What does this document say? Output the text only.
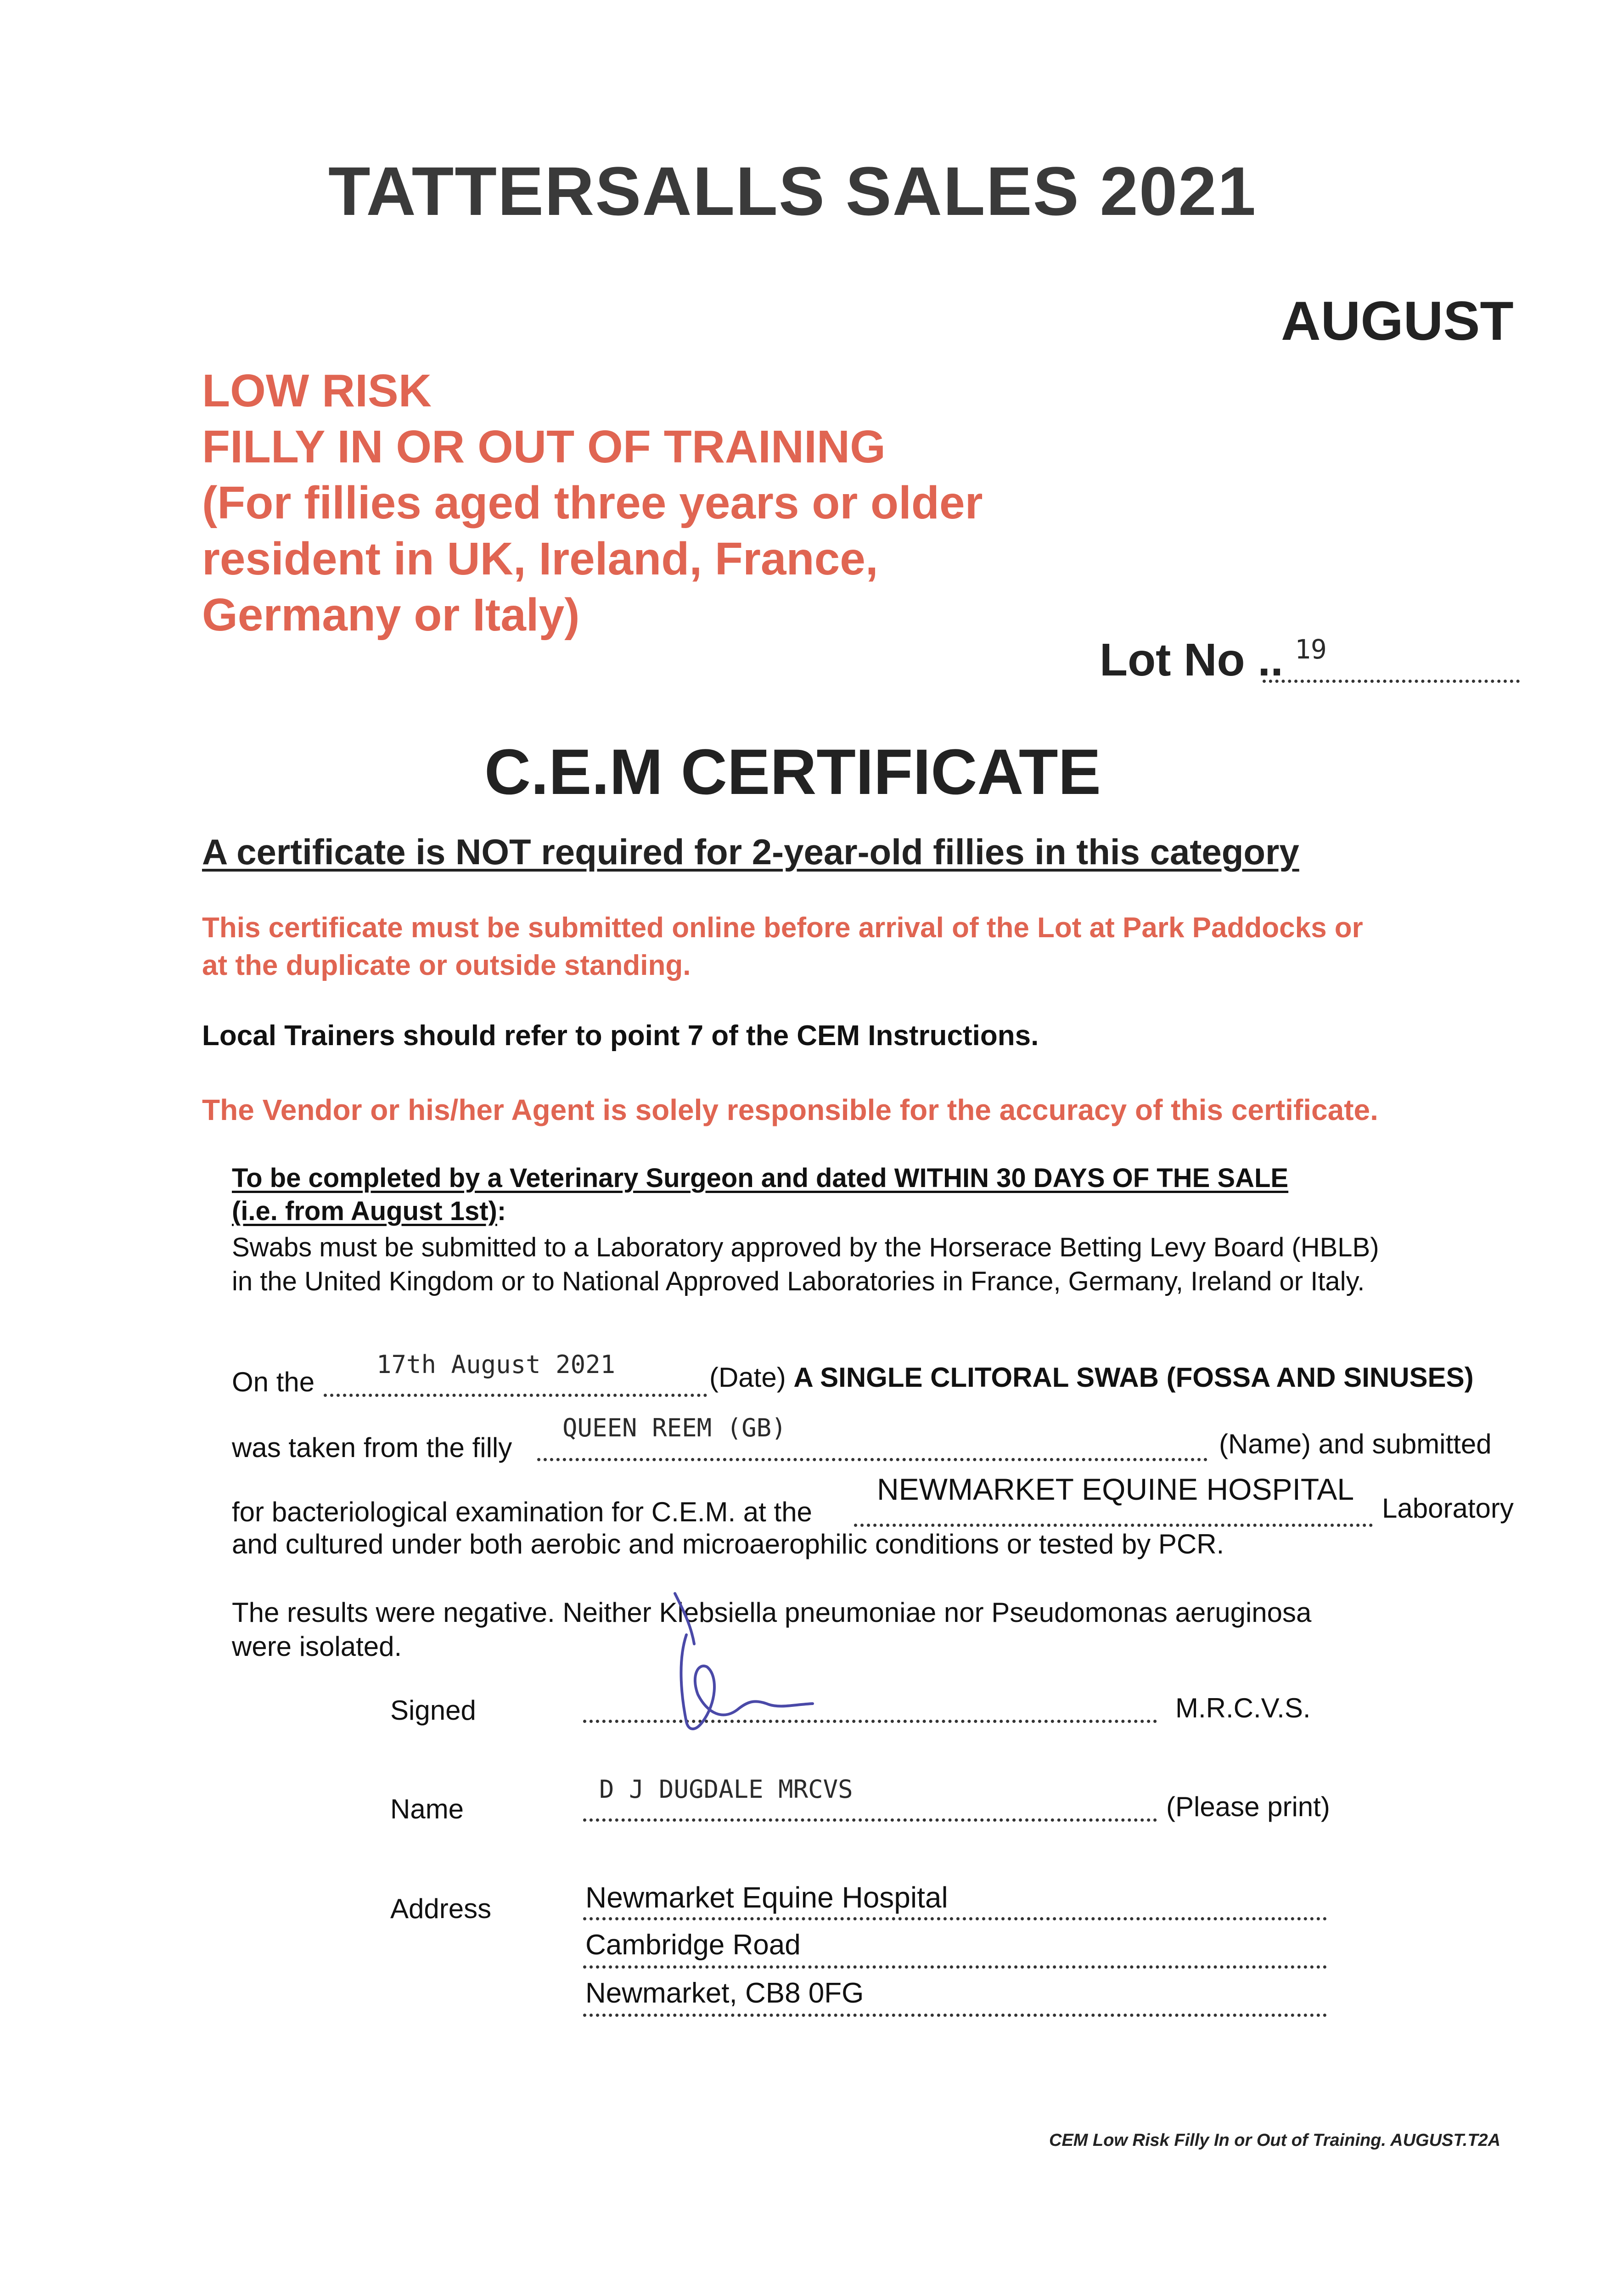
TATTERSALLS SALES 2021
AUGUST
LOW RISK
FILLY IN OR OUT OF TRAINING
(For fillies aged three years or older
resident in UK, Ireland, France,
Germany or Italy)
Lot No .. 19
C.E.M CERTIFICATE
A certificate is NOT required for 2-year-old fillies in this category
This certificate must be submitted online before arrival of the Lot at Park Paddocks or
at the duplicate or outside standing.
Local Trainers should refer to point 7 of the CEM Instructions.
The Vendor or his/her Agent is solely responsible for the accuracy of this certificate.
To be completed by a Veterinary Surgeon and dated WITHIN 30 DAYS OF THE SALE
(i.e. from August 1st):
Swabs must be submitted to a Laboratory approved by the Horserace Betting Levy Board (HBLB)
in the United Kingdom or to National Approved Laboratories in France, Germany, Ireland or Italy.
On the
17th August 2021	(Date) A SINGLE CLITORAL SWAB (FOSSA AND SINUSES)
was taken from the filly
QUEEN REEM (GB)
(Name) and submitted
for bacteriological examination for C.E.M. at the
NEWMARKET EQUINE HOSPITAL
Laboratory
and cultured under both aerobic and microaerophilic conditions or tested by PCR.
The results were negative. Neither Klebsiella pneumoniae nor Pseudomonas aeruginosa
were isolated.
Signed	M.R.C.V.S.
Name
D J DUGDALE MRCVS
(Please print)
Address	Newmarket Equine Hospital
Cambridge Road
Newmarket, CB8 0FG
CEM Low Risk Filly In or Out of Training. AUGUST.T2A
